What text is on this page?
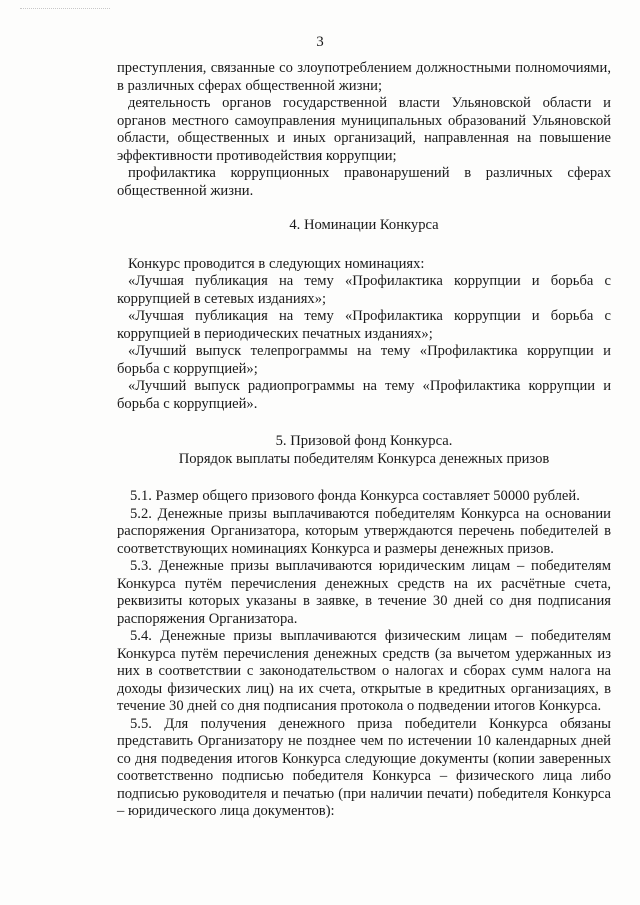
3

преступления, связанные со злоупотреблением должностными полномочиями, в различных сферах общественной жизни;

деятельность органов государственной власти Ульяновской области и органов местного самоуправления муниципальных образований Ульяновской области, общественных и иных организаций, направленная на повышение эффективности противодействия коррупции;

профилактика коррупционных правонарушений в различных сферах общественной жизни.

4. Номинации Конкурса

Конкурс проводится в следующих номинациях:

«Лучшая публикация на тему «Профилактика коррупции и борьба с коррупцией в сетевых изданиях»;

«Лучшая публикация на тему «Профилактика коррупции и борьба с коррупцией в периодических печатных изданиях»;

«Лучший выпуск телепрограммы на тему «Профилактика коррупции и борьба с коррупцией»;

«Лучший выпуск радиопрограммы на тему «Профилактика коррупции и борьба с коррупцией».

5. Призовой фонд Конкурса.

Порядок выплаты победителям Конкурса денежных призов

5.1. Размер общего призового фонда Конкурса составляет 50000 рублей.

5.2. Денежные призы выплачиваются победителям Конкурса на основании распоряжения Организатора, которым утверждаются перечень победителей в соответствующих номинациях Конкурса и размеры денежных призов.

5.3. Денежные призы выплачиваются юридическим лицам – победителям Конкурса путём перечисления денежных средств на их расчётные счета, реквизиты которых указаны в заявке, в течение 30 дней со дня подписания распоряжения Организатора.

5.4. Денежные призы выплачиваются физическим лицам – победителям Конкурса путём перечисления денежных средств (за вычетом удержанных из них в соответствии с законодательством о налогах и сборах сумм налога на доходы физических лиц) на их счета, открытые в кредитных организациях, в течение 30 дней со дня подписания протокола о подведении итогов Конкурса.

5.5. Для получения денежного приза победители Конкурса обязаны представить Организатору не позднее чем по истечении 10 календарных дней со дня подведения итогов Конкурса следующие документы (копии заверенных соответственно подписью победителя Конкурса – физического лица либо подписью руководителя и печатью (при наличии печати) победителя Конкурса – юридического лица документов):
